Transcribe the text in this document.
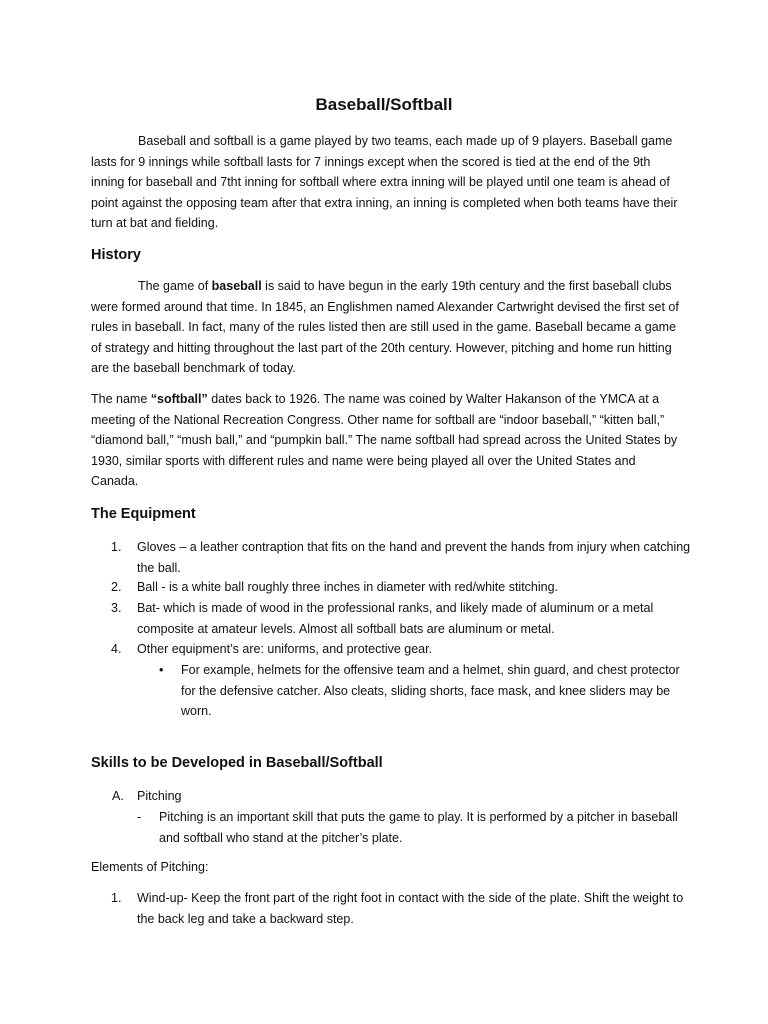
Baseball/Softball

Baseball and softball is a game played by two teams, each made up of 9 players. Baseball game lasts for 9 innings while softball lasts for 7 innings except when the scored is tied at the end of the 9th inning for baseball and 7tht inning for softball where extra inning will be played until one team is ahead of point against the opposing team after that extra inning, an inning is completed when both teams have their turn at bat and fielding.

History

The game of baseball is said to have begun in the early 19th century and the first baseball clubs were formed around that time. In 1845, an Englishmen named Alexander Cartwright devised the first set of rules in baseball. In fact, many of the rules listed then are still used in the game. Baseball became a game of strategy and hitting throughout the last part of the 20th century. However, pitching and home run hitting are the baseball benchmark of today.

The name “softball” dates back to 1926. The name was coined by Walter Hakanson of the YMCA at a meeting of the National Recreation Congress. Other name for softball are “indoor baseball,” “kitten ball,” “diamond ball,” “mush ball,” and “pumpkin ball.” The name softball had spread across the United States by 1930, similar sports with different rules and name were being played all over the United States and Canada.

The Equipment
1. Gloves – a leather contraption that fits on the hand and prevent the hands from injury when catching the ball.
2. Ball - is a white ball roughly three inches in diameter with red/white stitching.
3. Bat- which is made of wood in the professional ranks, and likely made of aluminum or a metal composite at amateur levels. Almost all softball bats are aluminum or metal.
4. Other equipment’s are: uniforms, and protective gear.
• For example, helmets for the offensive team and a helmet, shin guard, and chest protector for the defensive catcher. Also cleats, sliding shorts, face mask, and knee sliders may be worn.
Skills to be Developed in Baseball/Softball
A. Pitching
- Pitching is an important skill that puts the game to play. It is performed by a pitcher in baseball and softball who stand at the pitcher’s plate.
Elements of Pitching:
1. Wind-up- Keep the front part of the right foot in contact with the side of the plate. Shift the weight to the back leg and take a backward step.
